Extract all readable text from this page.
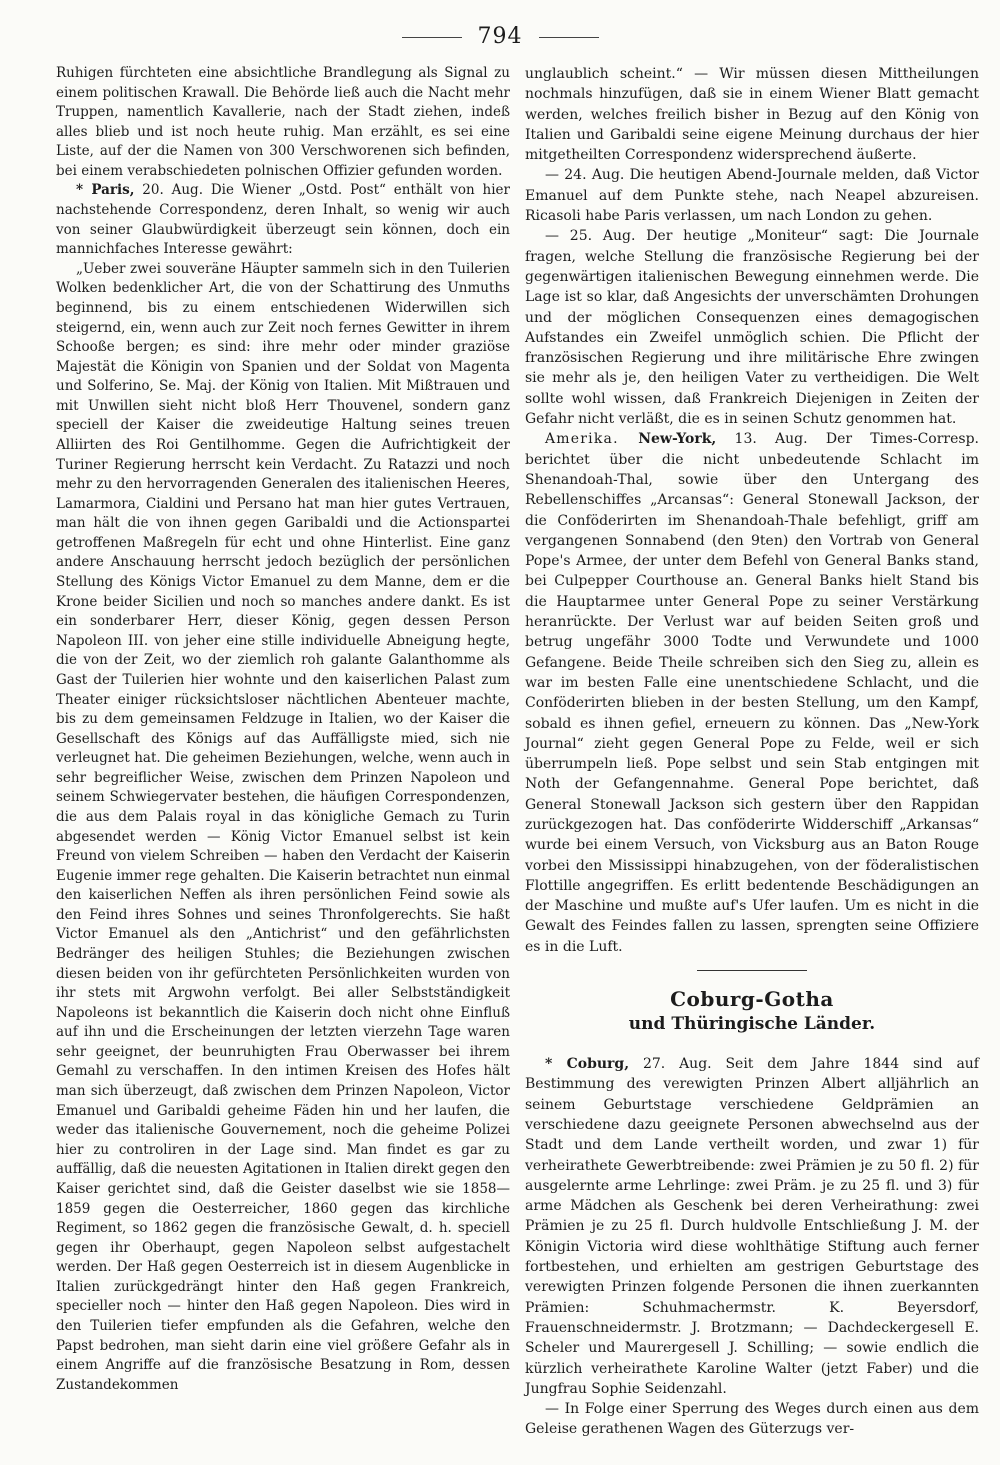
794

Ruhigen fürchteten eine absichtliche Brandlegung als Signal zu einem politischen Krawall. Die Behörde ließ auch die Nacht mehr Truppen, namentlich Kavallerie, nach der Stadt ziehen, indeß alles blieb und ist noch heute ruhig. Man erzählt, es sei eine Liste, auf der die Namen von 300 Verschworenen sich befinden, bei einem verabschiedeten polnischen Offizier gefunden worden.

* Paris, 20. Aug. Die Wiener „Ostd. Post“ enthält von hier nachstehende Correspondenz, deren Inhalt, so wenig wir auch von seiner Glaubwürdigkeit überzeugt sein können, doch ein mannichfaches Interesse gewährt:

„Ueber zwei souveräne Häupter sammeln sich in den Tuilerien Wolken bedenklicher Art, die von der Schattirung des Unmuths beginnend, bis zu einem entschiedenen Widerwillen sich steigernd, ein, wenn auch zur Zeit noch fernes Gewitter in ihrem Schooße bergen; es sind: ihre mehr oder minder graziöse Majestät die Königin von Spanien und der Soldat von Magenta und Solferino, Se. Maj. der König von Italien. Mit Mißtrauen und mit Unwillen sieht nicht bloß Herr Thouvenel, sondern ganz speciell der Kaiser die zweideutige Haltung seines treuen Alliirten des Roi Gentilhomme. Gegen die Aufrichtigkeit der Turiner Regierung herrscht kein Verdacht. Zu Ratazzi und noch mehr zu den hervorragenden Generalen des italienischen Heeres, Lamarmora, Cialdini und Persano hat man hier gutes Vertrauen, man hält die von ihnen gegen Garibaldi und die Actionspartei getroffenen Maßregeln für echt und ohne Hinterlist. Eine ganz andere Anschauung herrscht jedoch bezüglich der persönlichen Stellung des Königs Victor Emanuel zu dem Manne, dem er die Krone beider Sicilien und noch so manches andere dankt. Es ist ein sonderbarer Herr, dieser König, gegen dessen Person Napoleon III. von jeher eine stille individuelle Abneigung hegte, die von der Zeit, wo der ziemlich roh galante Galanthomme als Gast der Tuilerien hier wohnte und den kaiserlichen Palast zum Theater einiger rücksichtsloser nächtlichen Abenteuer machte, bis zu dem gemeinsamen Feldzuge in Italien, wo der Kaiser die Gesellschaft des Königs auf das Auffälligste mied, sich nie verleugnet hat. Die geheimen Beziehungen, welche, wenn auch in sehr begreiflicher Weise, zwischen dem Prinzen Napoleon und seinem Schwiegervater bestehen, die häufigen Correspondenzen, die aus dem Palais royal in das königliche Gemach zu Turin abgesendet werden — König Victor Emanuel selbst ist kein Freund von vielem Schreiben — haben den Verdacht der Kaiserin Eugenie immer rege gehalten. Die Kaiserin betrachtet nun einmal den kaiserlichen Neffen als ihren persönlichen Feind sowie als den Feind ihres Sohnes und seines Thronfolgerechts. Sie haßt Victor Emanuel als den „Antichrist“ und den gefährlichsten Bedränger des heiligen Stuhles; die Beziehungen zwischen diesen beiden von ihr gefürchteten Persönlichkeiten wurden von ihr stets mit Argwohn verfolgt. Bei aller Selbstständigkeit Napoleons ist bekanntlich die Kaiserin doch nicht ohne Einfluß auf ihn und die Erscheinungen der letzten vierzehn Tage waren sehr geeignet, der beunruhigten Frau Oberwasser bei ihrem Gemahl zu verschaffen. In den intimen Kreisen des Hofes hält man sich überzeugt, daß zwischen dem Prinzen Napoleon, Victor Emanuel und Garibaldi geheime Fäden hin und her laufen, die weder das italienische Gouvernement, noch die geheime Polizei hier zu controliren in der Lage sind. Man findet es gar zu auffällig, daß die neuesten Agitationen in Italien direkt gegen den Kaiser gerichtet sind, daß die Geister daselbst wie sie 1858—1859 gegen die Oesterreicher, 1860 gegen das kirchliche Regiment, so 1862 gegen die französische Gewalt, d. h. speciell gegen ihr Oberhaupt, gegen Napoleon selbst aufgestachelt werden. Der Haß gegen Oesterreich ist in diesem Augenblicke in Italien zurückgedrängt hinter den Haß gegen Frankreich, specieller noch — hinter den Haß gegen Napoleon. Dies wird in den Tuilerien tiefer empfunden als die Gefahren, welche den Papst bedrohen, man sieht darin eine viel größere Gefahr als in einem Angriffe auf die französische Besatzung in Rom, dessen Zustandekommen

unglaublich scheint.“ — Wir müssen diesen Mittheilungen nochmals hinzufügen, daß sie in einem Wiener Blatt gemacht werden, welches freilich bisher in Bezug auf den König von Italien und Garibaldi seine eigene Meinung durchaus der hier mitgetheilten Correspondenz widersprechend äußerte.

— 24. Aug. Die heutigen Abend-Journale melden, daß Victor Emanuel auf dem Punkte stehe, nach Neapel abzureisen. Ricasoli habe Paris verlassen, um nach London zu gehen.

— 25. Aug. Der heutige „Moniteur“ sagt: Die Journale fragen, welche Stellung die französische Regierung bei der gegenwärtigen italienischen Bewegung einnehmen werde. Die Lage ist so klar, daß Angesichts der unverschämten Drohungen und der möglichen Consequenzen eines demagogischen Aufstandes ein Zweifel unmöglich schien. Die Pflicht der französischen Regierung und ihre militärische Ehre zwingen sie mehr als je, den heiligen Vater zu vertheidigen. Die Welt sollte wohl wissen, daß Frankreich Diejenigen in Zeiten der Gefahr nicht verläßt, die es in seinen Schutz genommen hat.

Amerika. New-York, 13. Aug. Der Times-Corresp. berichtet über die nicht unbedeutende Schlacht im Shenandoah-Thal, sowie über den Untergang des Rebellenschiffes „Arcansas“: General Stonewall Jackson, der die Conföderirten im Shenandoah-Thale befehligt, griff am vergangenen Sonnabend (den 9ten) den Vortrab von General Pope's Armee, der unter dem Befehl von General Banks stand, bei Culpepper Courthouse an. General Banks hielt Stand bis die Hauptarmee unter General Pope zu seiner Verstärkung heranrückte. Der Verlust war auf beiden Seiten groß und betrug ungefähr 3000 Todte und Verwundete und 1000 Gefangene. Beide Theile schreiben sich den Sieg zu, allein es war im besten Falle eine unentschiedene Schlacht, und die Conföderirten blieben in der besten Stellung, um den Kampf, sobald es ihnen gefiel, erneuern zu können. Das „New-York Journal“ zieht gegen General Pope zu Felde, weil er sich überrumpeln ließ. Pope selbst und sein Stab entgingen mit Noth der Gefangennahme. General Pope berichtet, daß General Stonewall Jackson sich gestern über den Rappidan zurückgezogen hat. Das conföderirte Widderschiff „Arkansas“ wurde bei einem Versuch, von Vicksburg aus an Baton Rouge vorbei den Mississippi hinabzugehen, von der föderalistischen Flottille angegriffen. Es erlitt bedentende Beschädigungen an der Maschine und mußte auf's Ufer laufen. Um es nicht in die Gewalt des Feindes fallen zu lassen, sprengten seine Offiziere es in die Luft.

Coburg-Gotha
und Thüringische Länder.

* Coburg, 27. Aug. Seit dem Jahre 1844 sind auf Bestimmung des verewigten Prinzen Albert alljährlich an seinem Geburtstage verschiedene Geldprämien an verschiedene dazu geeignete Personen abwechselnd aus der Stadt und dem Lande vertheilt worden, und zwar 1) für verheirathete Gewerbtreibende: zwei Prämien je zu 50 fl. 2) für ausgelernte arme Lehrlinge: zwei Präm. je zu 25 fl. und 3) für arme Mädchen als Geschenk bei deren Verheirathung: zwei Prämien je zu 25 fl. Durch huldvolle Entschließung J. M. der Königin Victoria wird diese wohlthätige Stiftung auch ferner fortbestehen, und erhielten am gestrigen Geburtstage des verewigten Prinzen folgende Personen die ihnen zuerkannten Prämien: Schuhmachermstr. K. Beyersdorf, Frauenschneidermstr. J. Brotzmann; — Dachdeckergesell E. Scheler und Maurergesell J. Schilling; — sowie endlich die kürzlich verheirathete Karoline Walter (jetzt Faber) und die Jungfrau Sophie Seidenzahl.

— In Folge einer Sperrung des Weges durch einen aus dem Geleise gerathenen Wagen des Güterzugs ver-
